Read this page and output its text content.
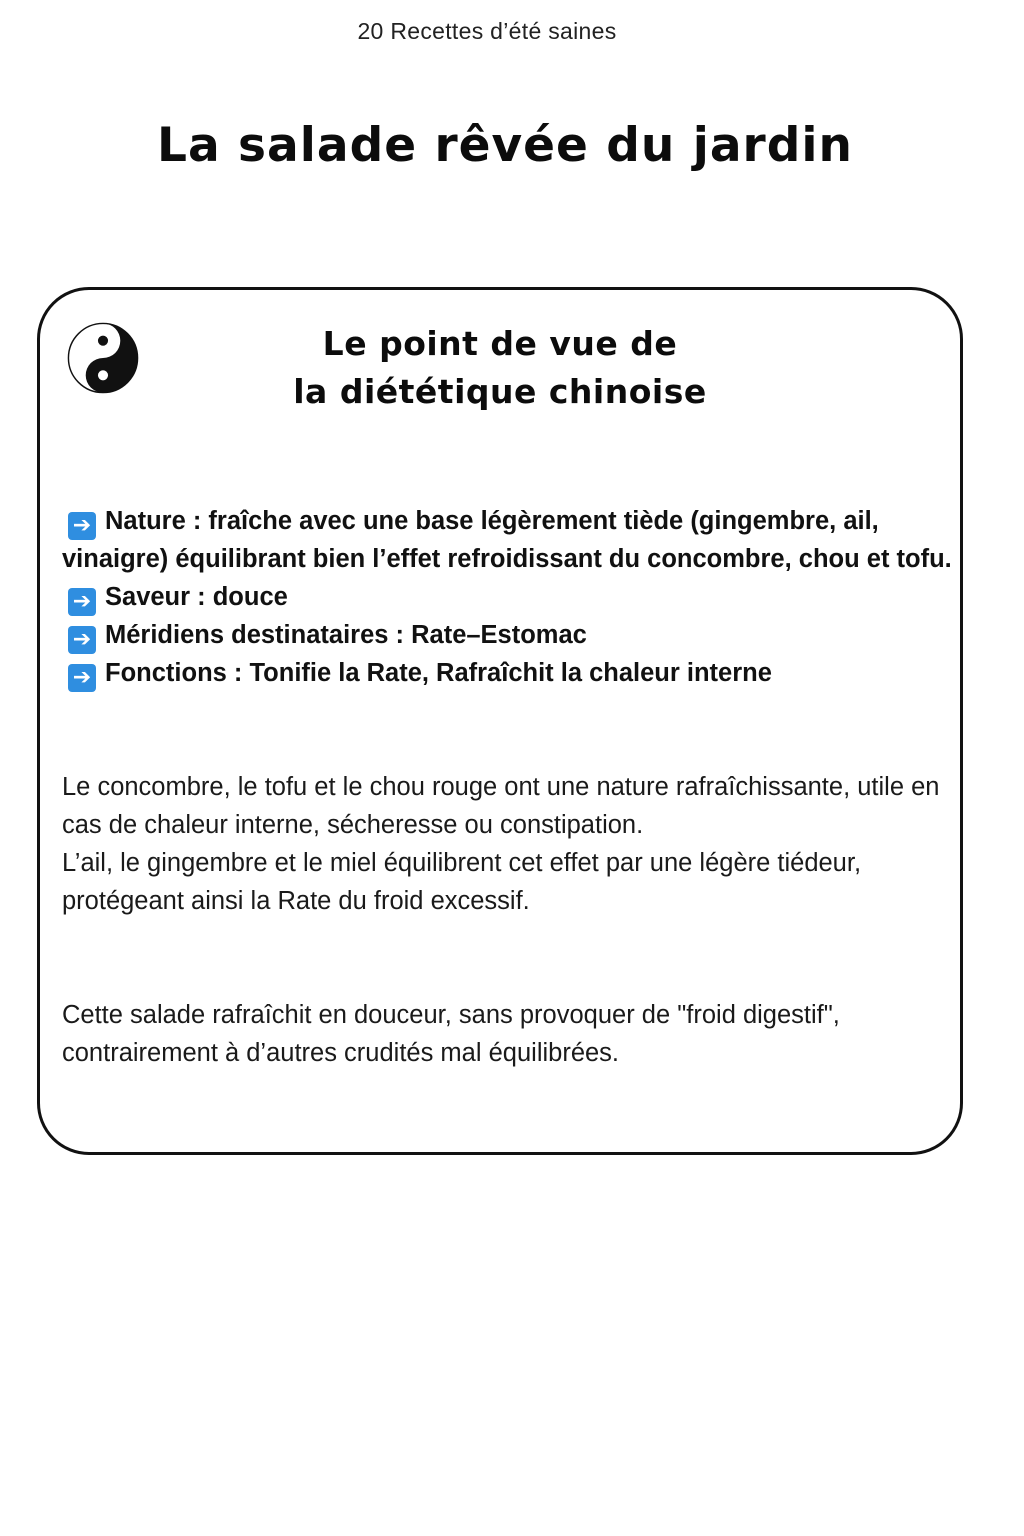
20 Recettes d’été saines
La salade rêvée du jardin
Le point de vue de
la diététique chinoise
➔ Nature : fraîche avec une base légèrement tiède (gingembre, ail, vinaigre) équilibrant bien l’effet refroidissant du concombre, chou et tofu.
➔ Saveur : douce
➔ Méridiens destinataires : Rate–Estomac
➔ Fonctions : Tonifie la Rate, Rafraîchit la chaleur interne

Le concombre, le tofu et le chou rouge ont une nature rafraîchissante, utile en cas de chaleur interne, sécheresse ou constipation.
L’ail, le gingembre et le miel équilibrent cet effet par une légère tiédeur, protégeant ainsi la Rate du froid excessif.

Cette salade rafraîchit en douceur, sans provoquer de "froid digestif", contrairement à d’autres crudités mal équilibrées.
